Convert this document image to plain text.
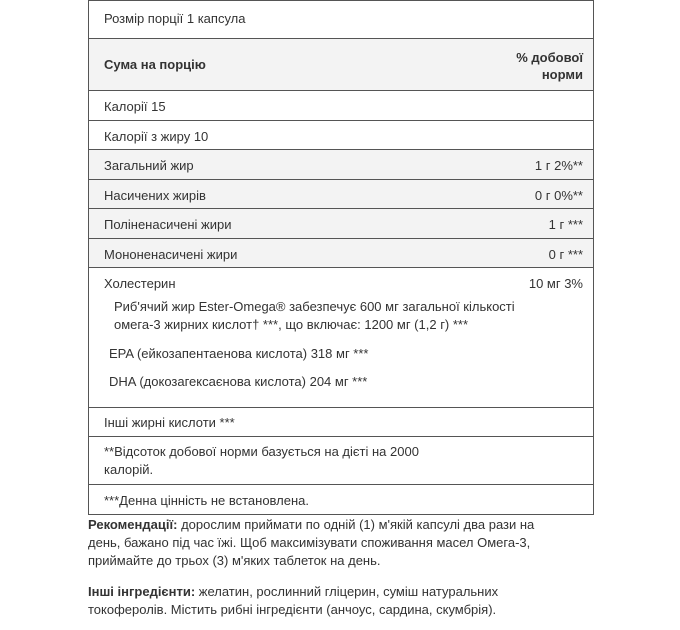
Розмір порції 1 капсула
Сума на порцію	% добової
норми
Калорії 15
Калорії з жиру 10
Загальний жир	1 г 2%**
Насичених жирів	0 г 0%**
Поліненасичені жири	1 г ***
Мононенасичені жири	0 г ***
Холестерин	10 мг 3%
Риб'ячий жир Ester-Omega® забезпечує 600 мг загальної кількості
омега-3 жирних кислот† ***, що включає: 1200 мг (1,2 г) ***
EPA (ейкозапентаенова кислота) 318 мг ***
DHA (докозагексаєнова кислота) 204 мг ***
Інші жирні кислоти ***
**Відсоток добової норми базується на дієті на 2000
калорій.
***Денна цінність не встановлена.
Рекомендації: дорослим приймати по одній (1) м'якій капсулі два рази на
день, бажано під час їжі. Щоб максимізувати споживання масел Омега-3,
приймайте до трьох (3) м'яких таблеток на день.
Інші інгредієнти: желатин, рослинний гліцерин, суміш натуральних
токоферолів. Містить рибні інгредієнти (анчоус, сардина, скумбрія).
